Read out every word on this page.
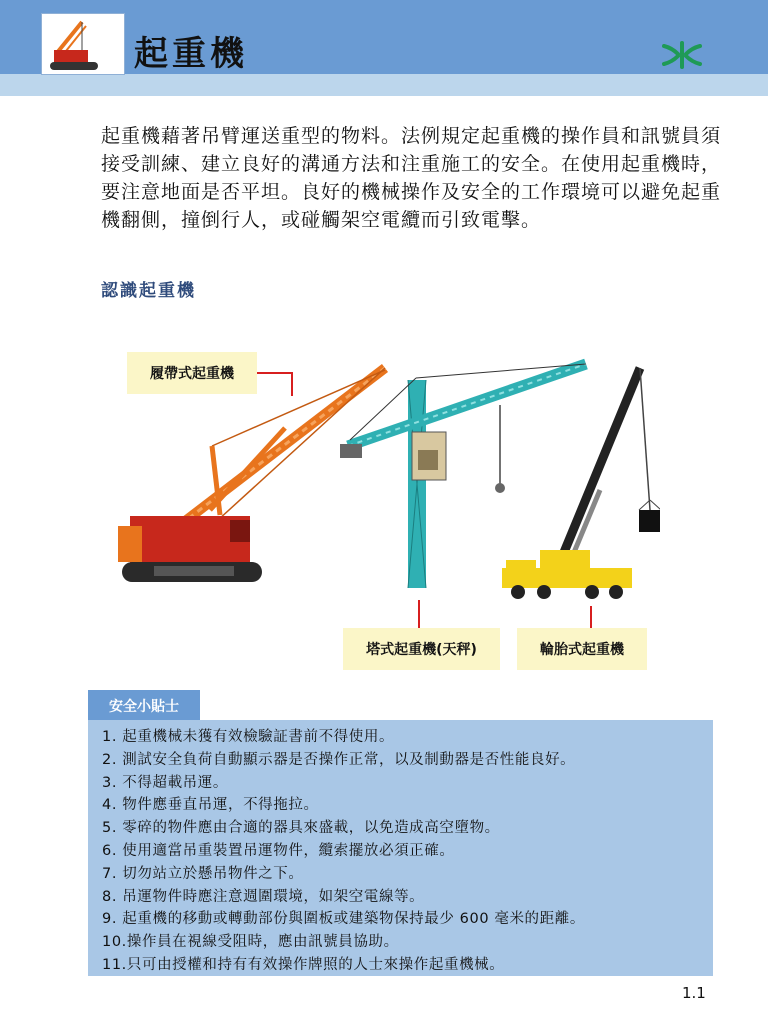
起重機

起重機藉著吊臂運送重型的物料。法例規定起重機的操作員和訊號員須接受訓練、建立良好的溝通方法和注重施工的安全。在使用起重機時，要注意地面是否平坦。良好的機械操作及安全的工作環境可以避免起重機翻側，撞倒行人，或碰觸架空電纜而引致電擊。

認識起重機
履帶式起重機
塔式起重機(天秤)	輪胎式起重機
安全小貼士
1. 起重機械未獲有效檢驗証書前不得使用。
2. 測試安全負荷自動顯示器是否操作正常，以及制動器是否性能良好。
3. 不得超載吊運。
4. 物件應垂直吊運，不得拖拉。
5. 零碎的物件應由合適的器具來盛載，以免造成高空墮物。
6. 使用適當吊重裝置吊運物件，纜索擺放必須正確。
7. 切勿站立於懸吊物件之下。
8. 吊運物件時應注意週圍環境，如架空電線等。
9. 起重機的移動或轉動部份與圍板或建築物保持最少 600 毫米的距離。
10.操作員在視線受阻時，應由訊號員協助。
11.只可由授權和持有有效操作牌照的人士來操作起重機械。
1.1
